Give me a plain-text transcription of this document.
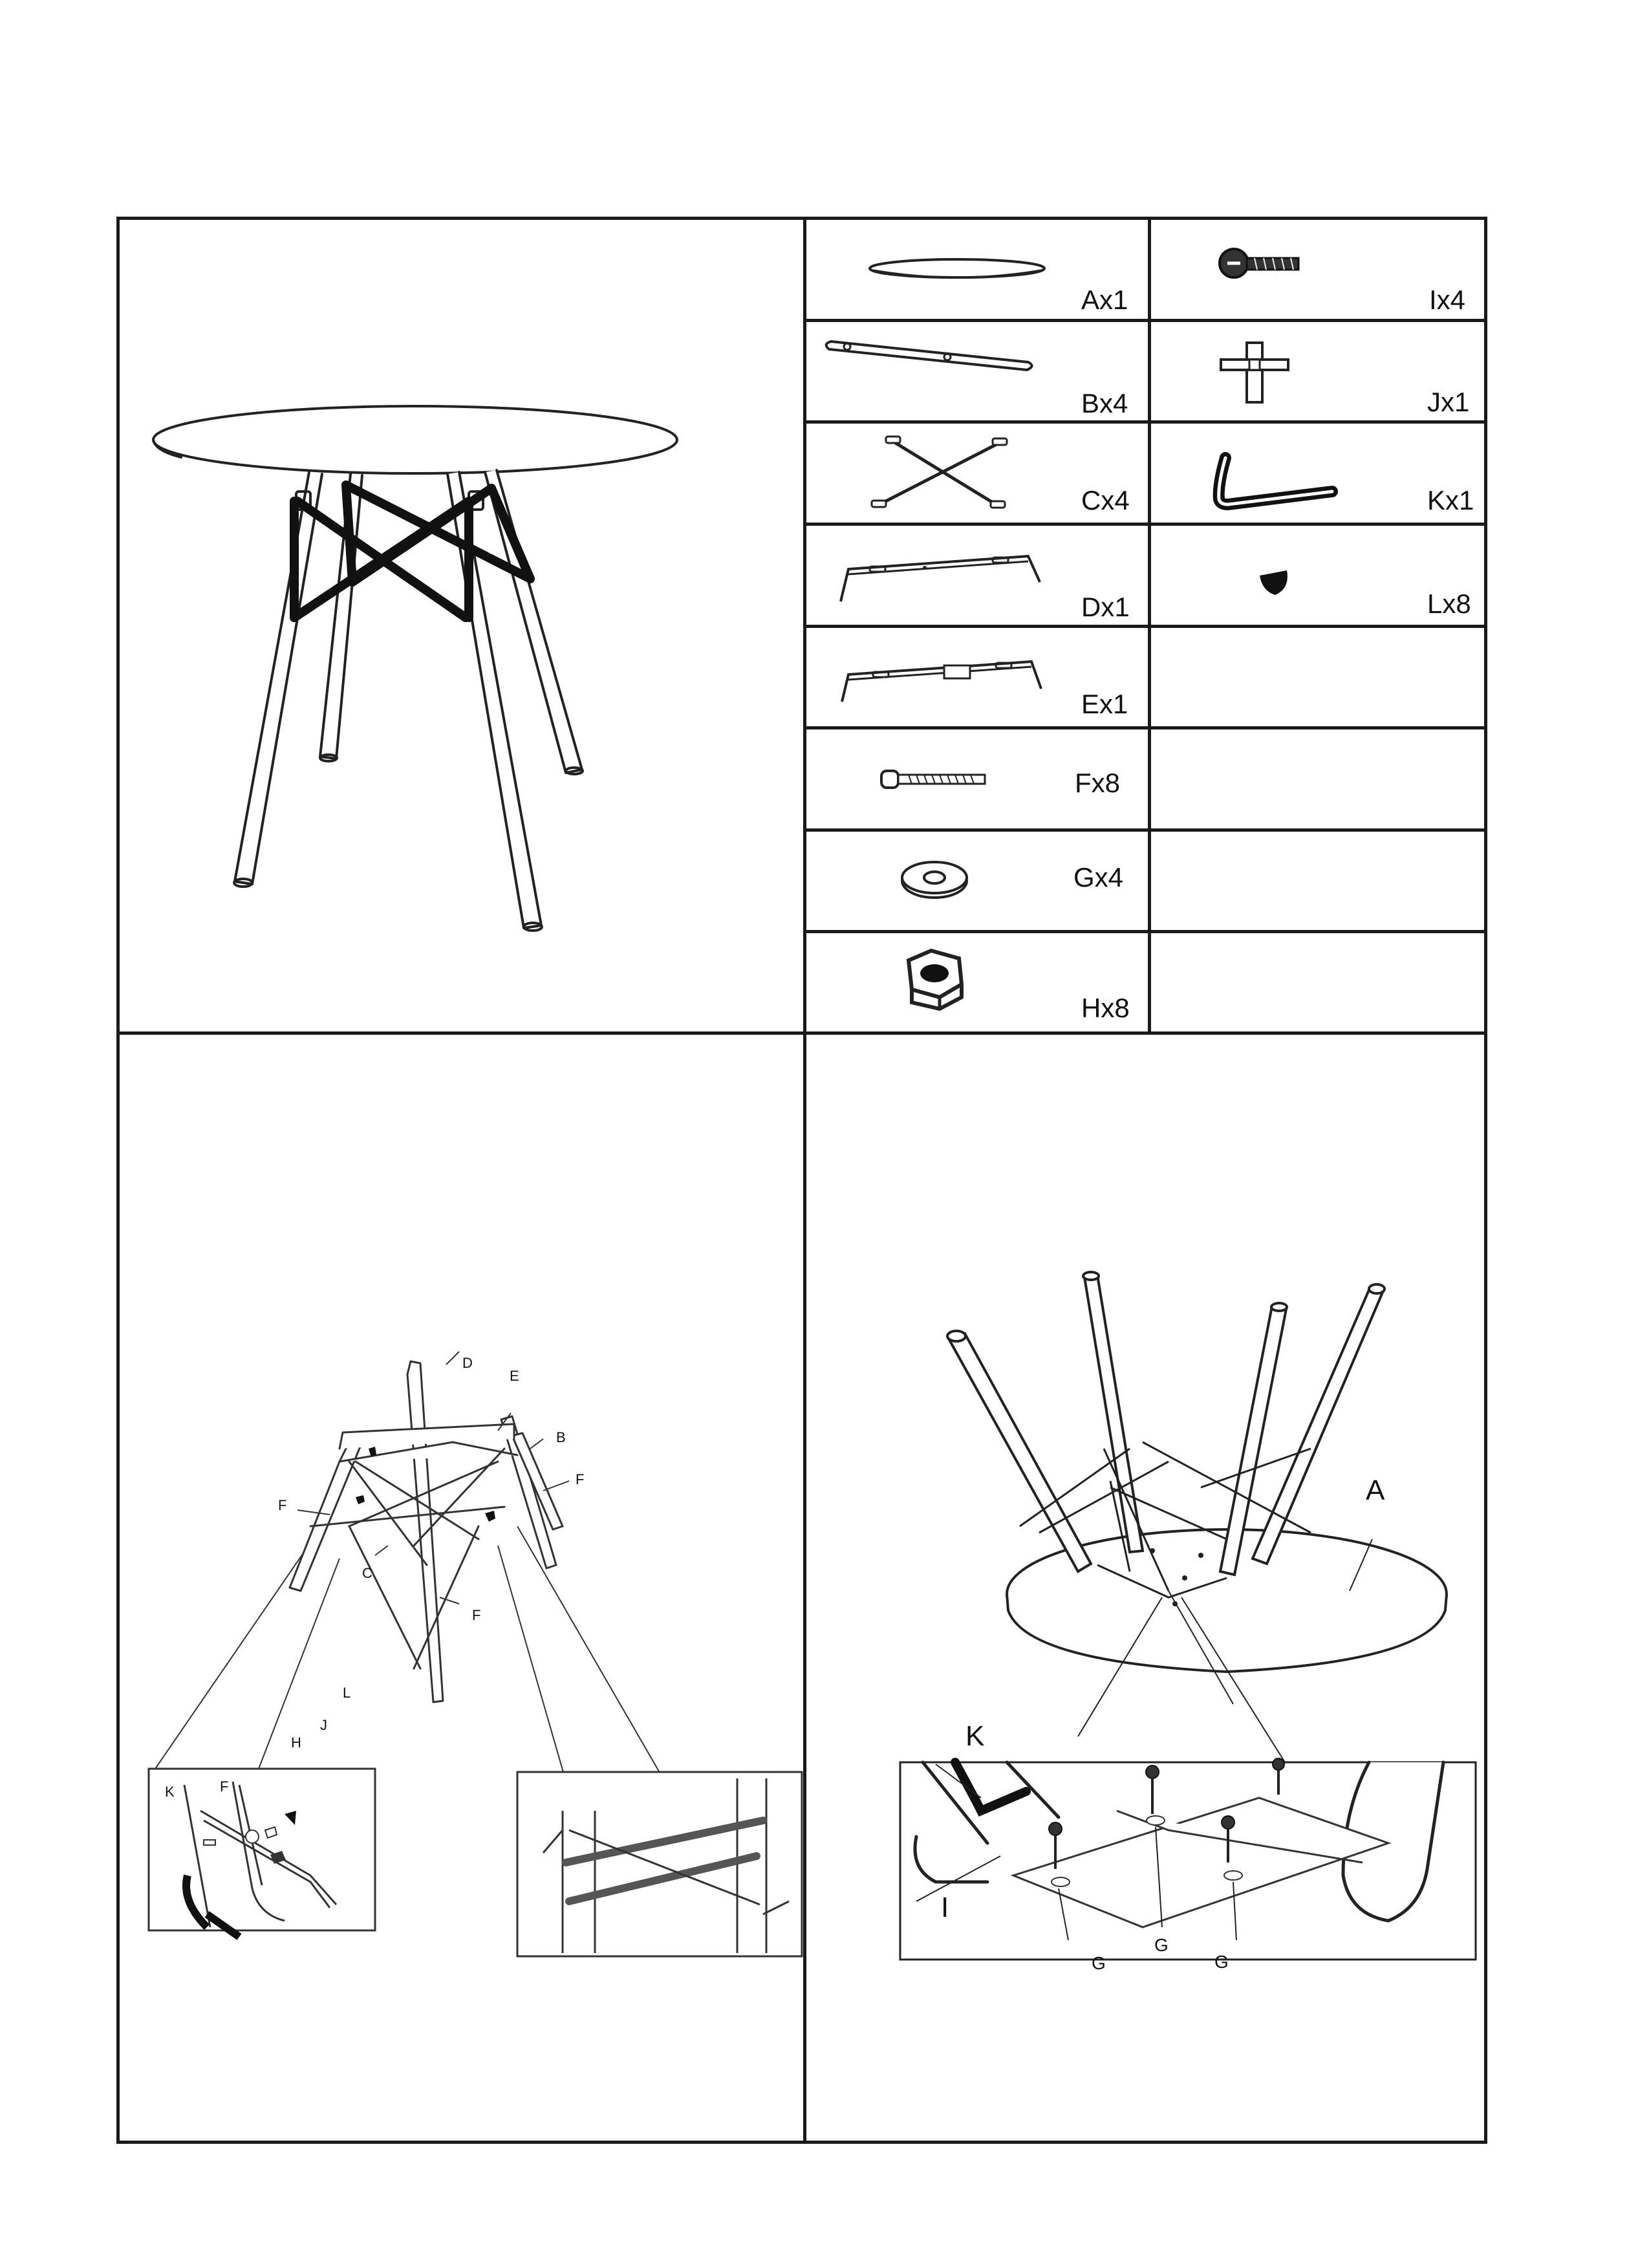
Ax1
Bx4
Cx4
Dx1
Ex1
Fx8
Gx4
Hx8
Ix4
Jx1
Kx1
Lx8
D
E
B
F
F
C
F
L
J
H
K	F
A
K
I
G
G
G
